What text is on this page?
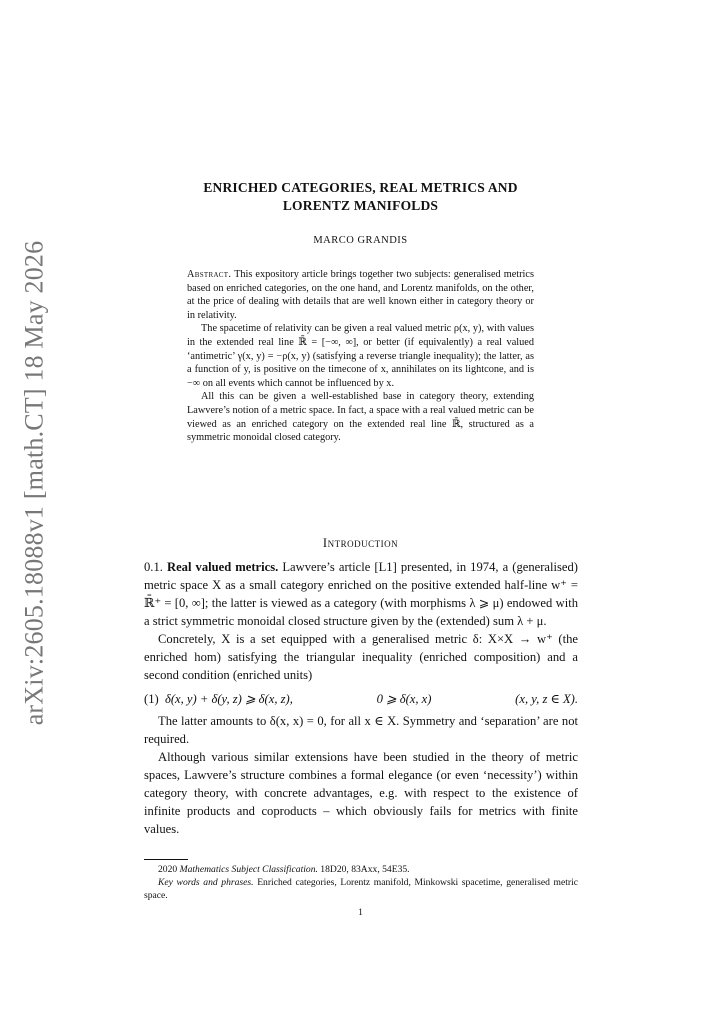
arXiv:2605.18088v1 [math.CT] 18 May 2026
ENRICHED CATEGORIES, REAL METRICS AND
LORENTZ MANIFOLDS
MARCO GRANDIS

Abstract. This expository article brings together two subjects: generalised metrics based on enriched categories, on the one hand, and Lorentz manifolds, on the other, at the price of dealing with details that are well known either in category theory or in relativity.

The spacetime of relativity can be given a real valued metric ρ(x, y), with values in the extended real line ℝ̄ = [−∞, ∞], or better (if equivalently) a real valued ‘antimetric’ γ(x, y) = −ρ(x, y) (satisfying a reverse triangle inequality); the latter, as a function of y, is positive on the timecone of x, annihilates on its lightcone, and is −∞ on all events which cannot be influenced by x.

All this can be given a well-established base in category theory, extending Lawvere’s notion of a metric space. In fact, a space with a real valued metric can be viewed as an enriched category on the extended real line ℝ̄, structured as a symmetric monoidal closed category.

Introduction

0.1. Real valued metrics. Lawvere’s article [L1] presented, in 1974, a (generalised) metric space X as a small category enriched on the positive extended half-line w⁺ = ℝ̄⁺ = [0, ∞]; the latter is viewed as a category (with morphisms λ ⩾ μ) endowed with a strict symmetric monoidal closed structure given by the (extended) sum λ + μ.

Concretely, X is a set equipped with a generalised metric δ: X×X → w⁺ (the enriched hom) satisfying the triangular inequality (enriched composition) and a second condition (enriched units)

(1) δ(x, y) + δ(y, z) ⩾ δ(x, z),	0 ⩾ δ(x, x)	(x, y, z ∈ X).

The latter amounts to δ(x, x) = 0, for all x ∈ X. Symmetry and ‘separation’ are not required.

Although various similar extensions have been studied in the theory of metric spaces, Lawvere’s structure combines a formal elegance (or even ‘necessity’) within category theory, with concrete advantages, e.g. with respect to the existence of infinite products and coproducts – which obviously fails for metrics with finite values.

2020 Mathematics Subject Classification. 18D20, 83Axx, 54E35.

Key words and phrases. Enriched categories, Lorentz manifold, Minkowski spacetime, generalised metric space.

1
